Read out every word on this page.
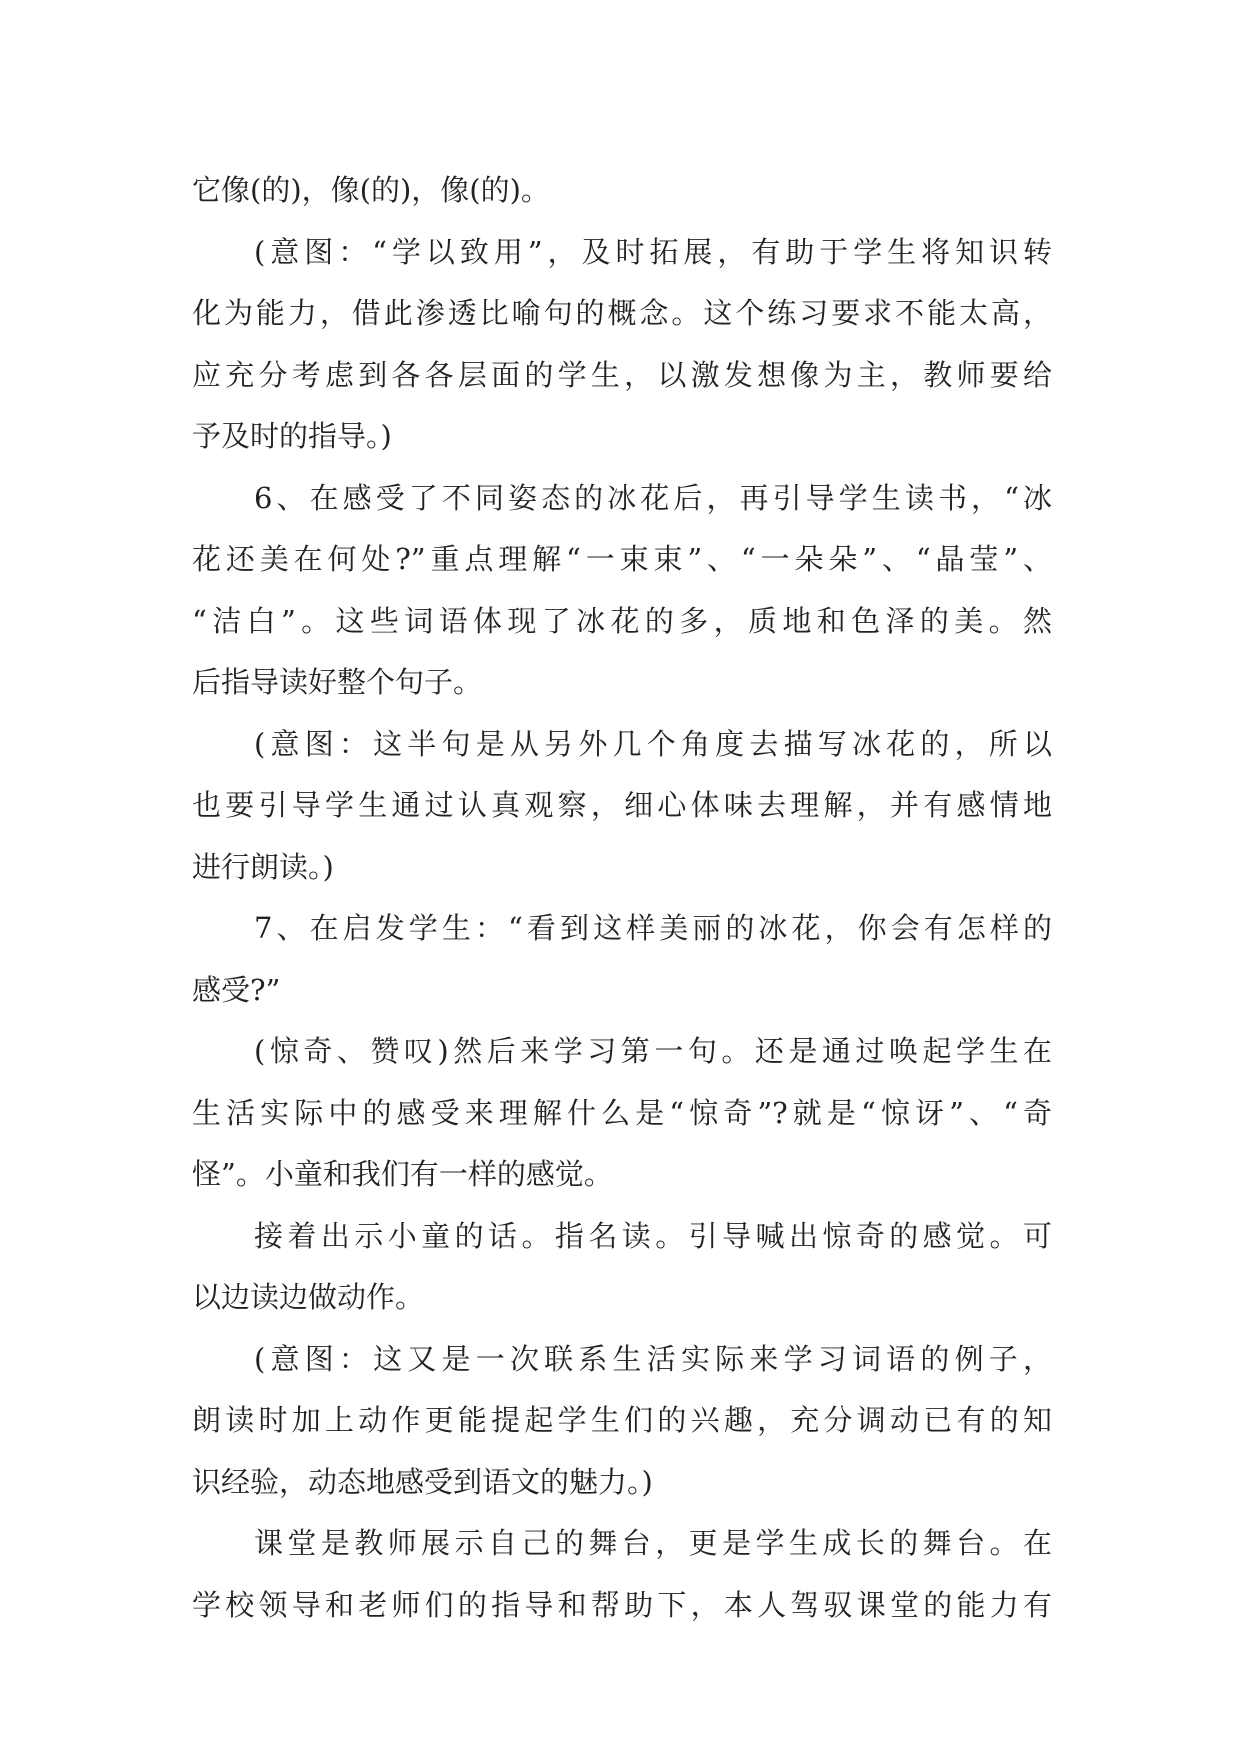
它像(的)，像(的)，像(的)。
(意图：“学以致用”，及时拓展，有助于学生将知识转
化为能力，借此渗透比喻句的概念。这个练习要求不能太高，
应充分考虑到各各层面的学生，以激发想像为主，教师要给
予及时的指导。)
6、在感受了不同姿态的冰花后，再引导学生读书，“冰
花还美在何处?”重点理解“一束束”、“一朵朵”、“晶莹”、
“洁白”。这些词语体现了冰花的多，质地和色泽的美。然
后指导读好整个句子。
(意图：这半句是从另外几个角度去描写冰花的，所以
也要引导学生通过认真观察，细心体味去理解，并有感情地
进行朗读。)
7、在启发学生：“看到这样美丽的冰花，你会有怎样的
感受?”
(惊奇、赞叹)然后来学习第一句。还是通过唤起学生在
生活实际中的感受来理解什么是“惊奇”?就是“惊讶”、“奇
怪”。小童和我们有一样的感觉。
接着出示小童的话。指名读。引导喊出惊奇的感觉。可
以边读边做动作。
(意图：这又是一次联系生活实际来学习词语的例子，
朗读时加上动作更能提起学生们的兴趣，充分调动已有的知
识经验，动态地感受到语文的魅力。)
课堂是教师展示自己的舞台，更是学生成长的舞台。在
学校领导和老师们的指导和帮助下，本人驾驭课堂的能力有
